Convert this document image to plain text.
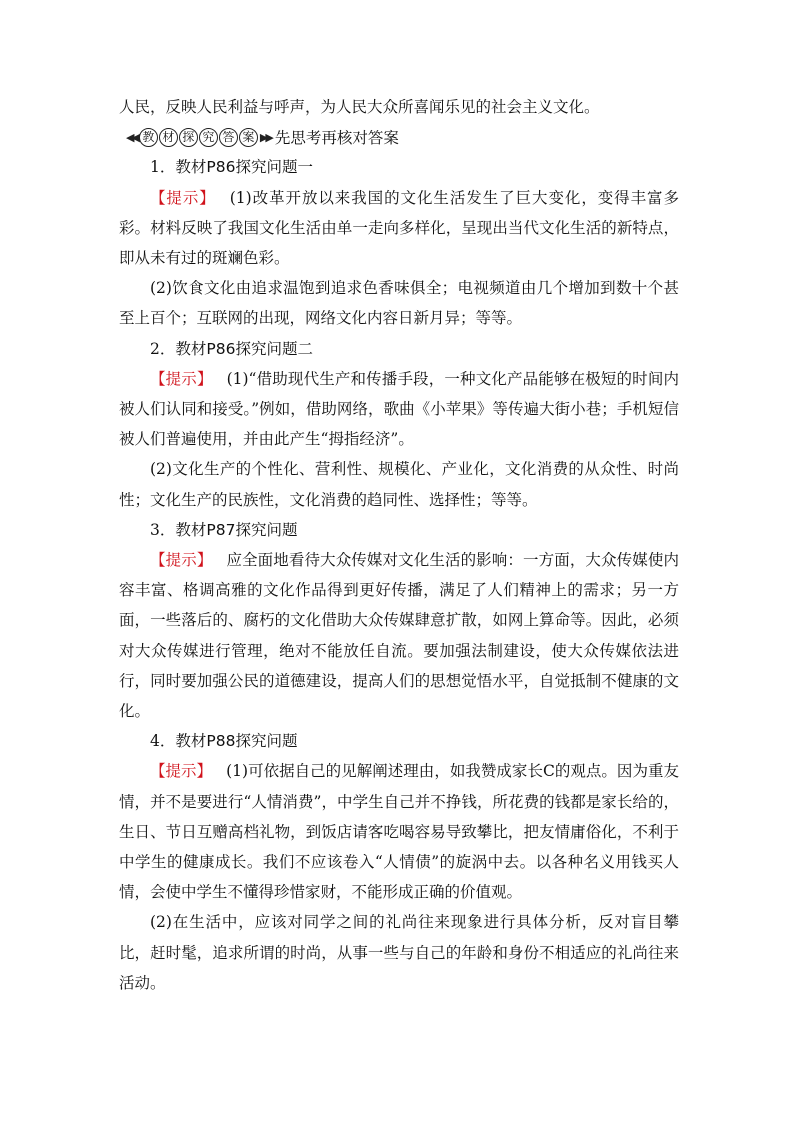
人民，反映人民利益与呼声，为人民大众所喜闻乐见的社会主义文化。

◀◀ 教 材 探 究 答 案 ▶▶ 先思考再核对答案

1．教材P86探究问题一

【提示】 (1)改革开放以来我国的文化生活发生了巨大变化，变得丰富多彩。材料反映了我国文化生活由单一走向多样化，呈现出当代文化生活的新特点，即从未有过的斑斓色彩。

(2)饮食文化由追求温饱到追求色香味俱全；电视频道由几个增加到数十个甚至上百个；互联网的出现，网络文化内容日新月异；等等。

2．教材P86探究问题二

【提示】 (1)“借助现代生产和传播手段，一种文化产品能够在极短的时间内被人们认同和接受。”例如，借助网络，歌曲《小苹果》等传遍大街小巷；手机短信被人们普遍使用，并由此产生“拇指经济”。

(2)文化生产的个性化、营利性、规模化、产业化，文化消费的从众性、时尚性；文化生产的民族性，文化消费的趋同性、选择性；等等。

3．教材P87探究问题

【提示】 应全面地看待大众传媒对文化生活的影响：一方面，大众传媒使内容丰富、格调高雅的文化作品得到更好传播，满足了人们精神上的需求；另一方面，一些落后的、腐朽的文化借助大众传媒肆意扩散，如网上算命等。因此，必须对大众传媒进行管理，绝对不能放任自流。要加强法制建设，使大众传媒依法进行，同时要加强公民的道德建设，提高人们的思想觉悟水平，自觉抵制不健康的文化。

4．教材P88探究问题

【提示】 (1)可依据自己的见解阐述理由，如我赞成家长C的观点。因为重友情，并不是要进行“人情消费”，中学生自己并不挣钱，所花费的钱都是家长给的，生日、节日互赠高档礼物，到饭店请客吃喝容易导致攀比，把友情庸俗化，不利于中学生的健康成长。我们不应该卷入“人情债”的旋涡中去。以各种名义用钱买人情，会使中学生不懂得珍惜家财，不能形成正确的价值观。

(2)在生活中，应该对同学之间的礼尚往来现象进行具体分析，反对盲目攀比，赶时髦，追求所谓的时尚，从事一些与自己的年龄和身份不相适应的礼尚往来活动。
